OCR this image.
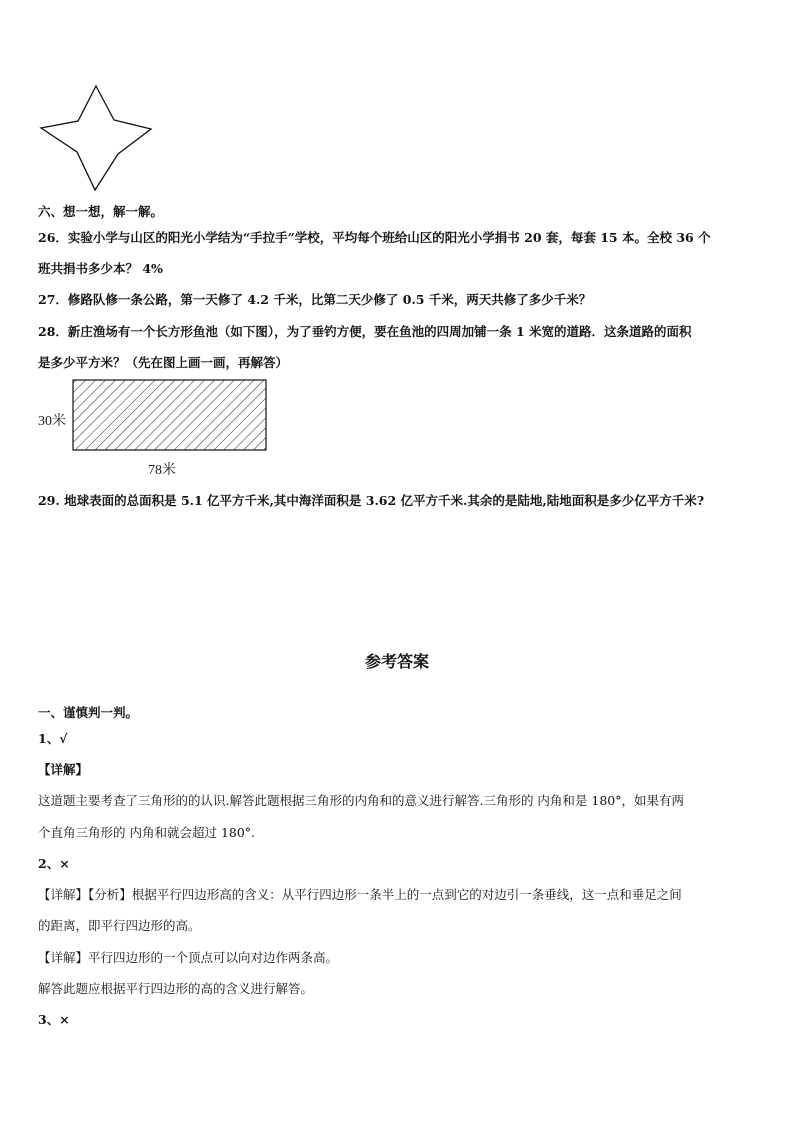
六、想一想，解一解。
26．实验小学与山区的阳光小学结为“手拉手”学校，平均每个班给山区的阳光小学捐书 20 套，每套 15 本。全校 36 个
班共捐书多少本？ 4%
27．修路队修一条公路，第一天修了 4.2 千米，比第二天少修了 0.5 千米，两天共修了多少千米？
28．新庄渔场有一个长方形鱼池（如下图），为了垂钓方便，要在鱼池的四周加铺一条 1 米宽的道路．这条道路的面积
是多少平方米？（先在图上画一画，再解答）
30米
78米
29. 地球表面的总面积是 5.1 亿平方千米,其中海洋面积是 3.62 亿平方千米.其余的是陆地,陆地面积是多少亿平方千米?
参考答案
一、谨慎判一判。
1、√
【详解】
这道题主要考查了三角形的的认识.解答此题根据三角形的内角和的意义进行解答.三角形的 内角和是 180°，如果有两
个直角三角形的 内角和就会超过 180°.
2、×
【详解】【分析】根据平行四边形高的含义：从平行四边形一条半上的一点到它的对边引一条垂线，这一点和垂足之间
的距离，即平行四边形的高。
【详解】平行四边形的一个顶点可以向对边作两条高。
解答此题应根据平行四边形的高的含义进行解答。
3、×
